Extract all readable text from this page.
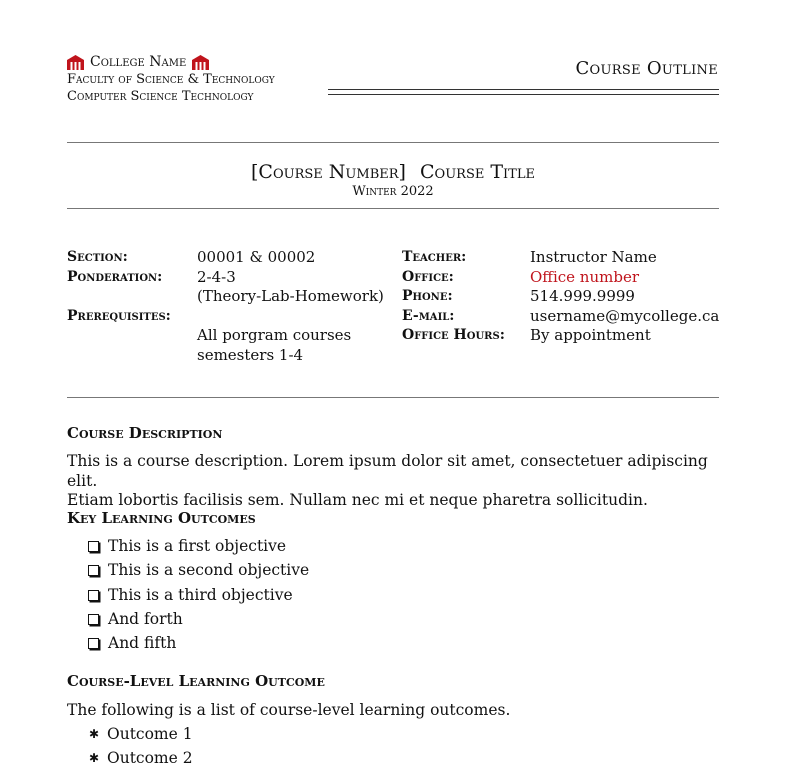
College Name
Faculty of Science & Technology
Computer Science Technology
Course Outline
[Course Number] Course Title
Winter 2022
Section:
Ponderation:

Prerequisites:
00001 & 00002
2-4-3
(Theory-Lab-Homework)

All porgram courses
semesters 1-4
Teacher:
Office:
Phone:
E-mail:
Office Hours:
Instructor Name
Office number
514.999.9999
username@mycollege.ca
By appointment
Course Description
This is a course description. Lorem ipsum dolor sit amet, consectetuer adipiscing elit.
Etiam lobortis facilisis sem. Nullam nec mi et neque pharetra sollicitudin.
Key Learning Outcomes
This is a first objective
This is a second objective
This is a third objective
And forth
And fifth
Course-Level Learning Outcome
The following is a list of course-level learning outcomes.
✱ Outcome 1
✱ Outcome 2
